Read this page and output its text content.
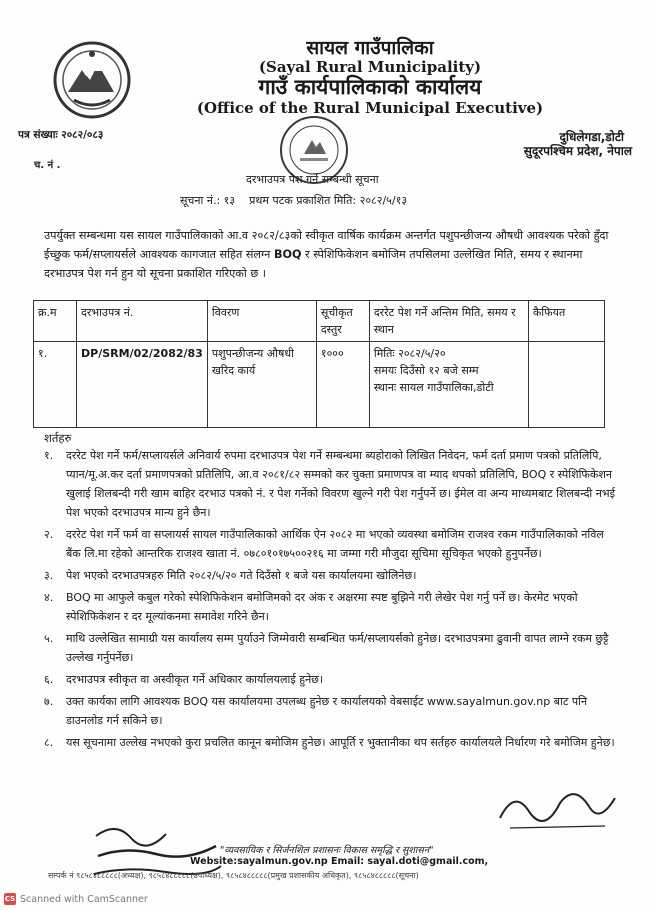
सायल गाउँपालिका
(Sayal Rural Municipality)
गाउँ कार्यपालिकाको कार्यालय
(Office of the Rural Municipal Executive)
पत्र संख्याः २०८२/०८३
च. नं .
दुधिलेगडा,डोटी
सुदूरपश्चिम प्रदेश, नेपाल
दरभाउपत्र पेश गर्ने सम्बन्धी सूचना
सूचना नं.: १३    प्रथम पटक प्रकाशित मिति: २०८२/५/१३
उपर्युक्त सम्बन्धमा यस सायल गाउँपालिकाको आ.व २०८२/८३को स्वीकृत वार्षिक कार्यक्रम अन्तर्गत पशुपन्छीजन्य औषधी आवश्यक परेको हुँदा ईच्छुक फर्म/सप्लायर्सले आवश्यक कागजात सहित संलग्न BOQ र स्पेशिफिकेशन बमोजिम तपसिलमा उल्लेखित मिति, समय र स्थानमा दरभाउपत्र पेश गर्न हुन यो सूचना प्रकाशित गरिएको छ ।
क्र.म	दरभाउपत्र नं.	विवरण	सूचीकृत दस्तुर	दररेट पेश गर्ने अन्तिम मिति, समय र स्थान	कैफियत
१.	DP/SRM/02/2082/83	पशुपन्छीजन्य औषधी खरिद कार्य	१०००	मितिः २०८२/५/२०
समयः दिउँसो १२ बजे सम्म
स्थानः सायल गाउँपालिका,डोटी	

शर्तहरु
१.	दररेट पेश गर्ने फर्म/सप्लायर्सले अनिवार्य रुपमा दरभाउपत्र पेश गर्ने सम्बन्धमा ब्यहोराको लिखित निवेदन, फर्म दर्ता प्रमाण पत्रको प्रतिलिपि, प्यान/मू.अ.कर दर्ता प्रमाणपत्रको प्रतिलिपि, आ.व २०८१/८२ सम्मको कर चुक्ता प्रमाणपत्र वा म्याद थपको प्रतिलिपि, BOQ र स्पेशिफिकेशन खुलाई शिलबन्दी गरी खाम बाहिर दरभाउ पत्रको नं. र पेश गर्नेको विवरण खुल्ने गरी पेश गर्नुपर्ने छ। ईमेल वा अन्य माध्यमबाट शिलबन्दी नभई पेश भएको दरभाउपत्र मान्य हुने छैन।
२.	दररेट पेश गर्ने फर्म वा सप्लायर्स सायल गाउँपालिकाको आर्थिक ऐन २०८२ मा भएको व्यवस्था बमोजिम राजश्व रकम गाउँपालिकाको नविल बैंक लि.मा रहेको आन्तरिक राजश्व खाता नं. ०७८०१०१७५००२१६ मा जम्मा गरी मौजुदा सूचिमा सूचिकृत भएको हुनुपर्नेछ।
३.	पेश भएको दरभाउपत्रहरु मिति २०८२/५/२० गते दिउँसो १ बजे यस कार्यालयमा खोलिनेछ।
४.	BOQ मा आफुले कबुल गरेको स्पेशिफिकेशन बमोजिमको दर अंक र अक्षरमा स्पष्ट बुझिने गरी लेखेर पेश गर्नु पर्ने छ। केरमेट भएको स्पेशिफिकेशन र दर मूल्यांकनमा समावेश गरिने छैन।
५.	माथि उल्लेखित सामाग्री यस कार्यालय सम्म पुर्याउने जिम्मेवारी सम्बन्धित फर्म/सप्लायर्सको हुनेछ। दरभाउपत्रमा ढुवानी वापत लाग्ने रकम छुट्टै उल्लेख गर्नुपर्नेछ।
६.	दरभाउपत्र स्वीकृत वा अस्वीकृत गर्ने अधिकार कार्यालयलाई हुनेछ।
७.	उक्त कार्यका लागि आवश्यक BOQ यस कार्यालयमा उपलब्ध हुनेछ र कार्यालयको वेबसाईट www.sayalmun.gov.np बाट पनि डाउनलोड गर्न सकिने छ।
८.	यस सूचनामा उल्लेख नभएको कुरा प्रचलित कानून बमोजिम हुनेछ। आपूर्ति र भुक्तानीका थप सर्तहरु कार्यालयले निर्धारण गरे बमोजिम हुनेछ।
"व्यवसायिक र सिर्जनशिल प्रशासनः विकास समृद्धि र सुशासन"
Website:sayalmun.gov.np Email: sayal.doti@gmail.com,
सम्पर्क नं ९८५८४८८८८८(अध्यक्ष), ९८५८४८८८८८(उपाध्यक्ष), ९८५८४८८८८८(प्रमुख प्रशासकीय अधिकृत), ९८५८४८८८८८(सूचना)
CS Scanned with CamScanner
